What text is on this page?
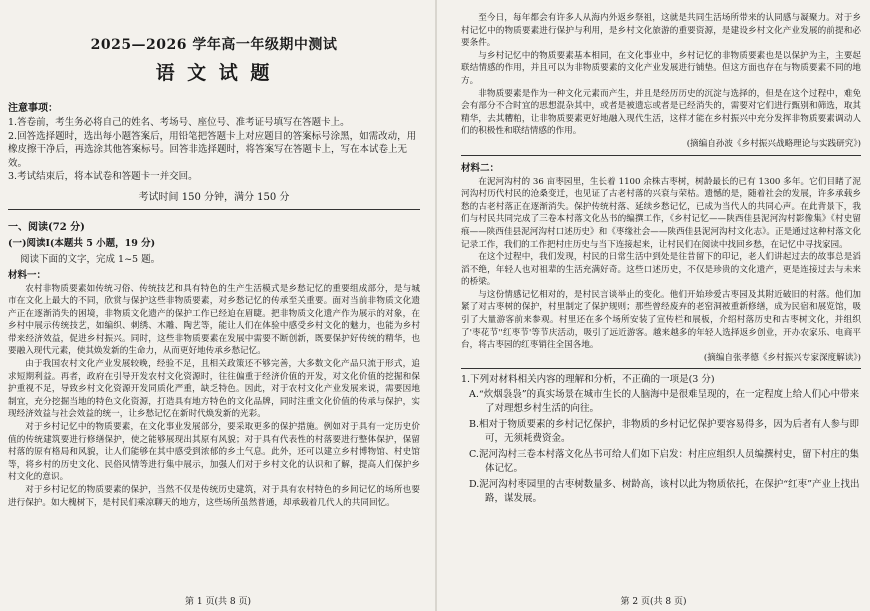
2025—2026 学年高一年级期中测试
语 文 试 题
注意事项：

1.答卷前，考生务必将自己的姓名、考场号、座位号、准考证号填写在答题卡上。

2.回答选择题时，选出每小题答案后，用铅笔把答题卡上对应题目的答案标号涂黑，如需改动，用橡皮擦干净后，再选涂其他答案标号。回答非选择题时，将答案写在答题卡上，写在本试卷上无效。

3.考试结束后，将本试卷和答题卡一并交回。

考试时间 150 分钟，满分 150 分
一、阅读(72 分)
(一)阅读Ⅰ(本题共 5 小题，19 分)
阅读下面的文字，完成 1~5 题。
材料一：

农村非物质要素如传统习俗、传统技艺和具有特色的生产生活模式是乡愁记忆的重要组成部分，是与城市在文化上最大的不同，欣赏与保护这些非物质要素，对乡愁记忆的传承至关重要。面对当前非物质文化遗产正在逐渐消失的困境，非物质文化遗产的保护工作已经迫在眉睫。把非物质文化遗产作为展示的对象，在乡村中展示传统技艺，如编织、刺绣、木雕、陶艺等，能让人们在体验中感受乡村文化的魅力，也能为乡村带来经济效益，促进乡村振兴。同时，这些非物质要素在发展中需要不断创新，既要保护好传统的精华，也要融入现代元素，使其焕发新的生命力，从而更好地传承乡愁记忆。

由于我国农村文化产业发展较晚，经验不足，且相关政策还不够完善，大多数文化产品只流于形式，追求短期利益。再者，政府在引导开发农村文化资源时，往往偏重于经济价值的开发，对文化价值的挖掘和保护重视不足，导致乡村文化资源开发同质化严重，缺乏特色。因此，对于农村文化产业发展来说，需要因地制宜，充分挖掘当地的特色文化资源，打造具有地方特色的文化品牌，同时注重文化价值的传承与保护，实现经济效益与社会效益的统一，让乡愁记忆在新时代焕发新的光彩。

对于乡村记忆中的物质要素，在文化事业发展部分，要采取更多的保护措施。例如对于具有一定历史价值的传统建筑要进行修缮保护，使之能够展现出其原有风貌；对于具有代表性的村落要进行整体保护，保留村落的原有格局和风貌，让人们能够在其中感受到浓郁的乡土气息。此外，还可以建立乡村博物馆、村史馆等，将乡村的历史文化、民俗风情等进行集中展示，加强人们对于乡村文化的认识和了解，提高人们保护乡村文化的意识。

对于乡村记忆的物质要素的保护，当然不仅是传统历史建筑，对于具有农村特色的乡间记忆的场所也要进行保护。如大槐树下，是村民们乘凉聊天的地方，这些场所虽然普通，却承载着几代人的共同回忆。

第 1 页(共 8 页)

至今日，每年都会有许多人从海内外返乡祭祖，这就是共同生活场所带来的认同感与凝聚力。对于乡村记忆中的物质要素进行保护与利用，是乡村文化旅游的重要资源，是建设乡村文化产业发展的前提和必要条件。

与乡村记忆中的物质要素基本相同，在文化事业中，乡村记忆的非物质要素也是以保护为主，主要起联结情感的作用，并且可以为非物质要素的文化产业发展进行铺垫。但这方面也存在与物质要素不同的地方。

非物质要素是作为一种文化元素而产生，并且是经历历史的沉淀与选择的，但是在这个过程中，难免会有部分不合时宜的思想混杂其中，或者是被遗忘或者是已经消失的，需要对它们进行甄别和筛选，取其精华，去其糟粕，让非物质要素更好地融入现代生活，这样才能在乡村振兴中充分发挥非物质要素调动人们的积极性和联结情感的作用。

(摘编自孙波《乡村振兴战略理论与实践研究》)

材料二：

在泥河沟村的 36 亩枣园里，生长着 1100 余株古枣树，树龄最长的已有 1300 多年。它们目睹了泥河沟村历代村民的沧桑变迁，也见证了古老村落的兴衰与荣枯。遗憾的是，随着社会的发展，许多承载乡愁的古老村落正在逐渐消失。保护传统村落、延续乡愁记忆，已成为当代人的共同心声。在此背景下，我们与村民共同完成了三卷本村落文化丛书的编撰工作，《乡村记忆——陕西佳县泥河沟村影像集》《村史留痕——陕西佳县泥河沟村口述历史》和《枣缘社会——陕西佳县泥河沟村文化志》。正是通过这种村落文化记录工作，我们的工作把村庄历史与当下连接起来，让村民们在阅读中找回乡愁，在记忆中寻找家园。

在这个过程中，我们发现，村民的日常生活中到处是往昔留下的印记，老人们讲起过去的故事总是滔滔不绝，年轻人也对祖辈的生活充满好奇。这些口述历史，不仅是珍贵的文化遗产，更是连接过去与未来的桥梁。

与这份情感记忆相对的，是村民言谈举止的变化。他们开始珍爱古枣园及其附近破旧的村落。他们加紧了对古枣树的保护，村里制定了保护规则；那些曾经废弃的老窑洞被重新修缮，成为民宿和展览馆，吸引了大量游客前来参观。村里还在多个场所安装了宣传栏和展板，介绍村落历史和古枣树文化，并组织了'枣花节''红枣节'等节庆活动，吸引了远近游客。越来越多的年轻人选择返乡创业，开办农家乐、电商平台，将古枣园的红枣销往全国各地。

(摘编自张孝德《乡村振兴专家深度解读》)

1.下列对材料相关内容的理解和分析，不正确的一项是(3 分)
A.“炊烟袅袅”的真实场景在城市生长的人脑海中是很难呈现的，在一定程度上给人们心中带来了对理想乡村生活的向往。
B.相对于物质要素的乡村记忆保护，非物质的乡村记忆保护要容易得多，因为后者有人参与即可，无须耗费资金。
C.泥河沟村三卷本村落文化丛书可给人们如下启发：村庄应组织人员编撰村史，留下村庄的集体记忆。
D.泥河沟村枣园里的古枣树数量多、树龄高，该村以此为物质依托，在保护“红枣”产业上找出路，谋发展。
第 2 页(共 8 页)
